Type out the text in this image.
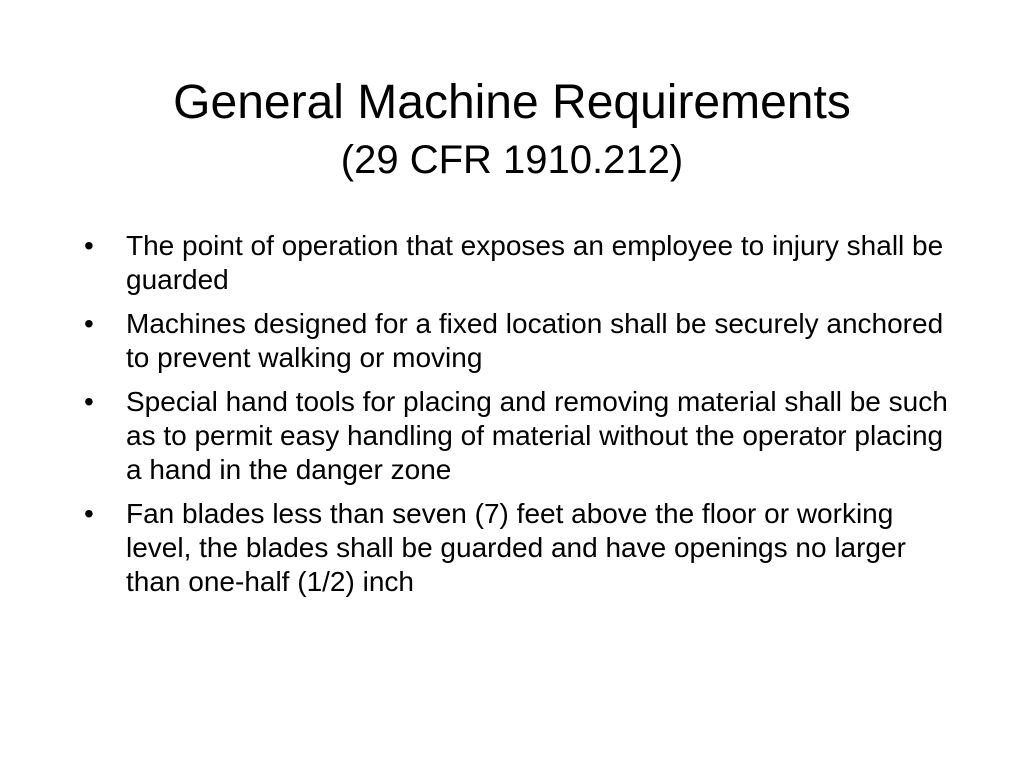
General Machine Requirements
(29 CFR 1910.212)
•	The point of operation that exposes an employee to injury shall be guarded
•	Machines designed for a fixed location shall be securely anchored to prevent walking or moving
•	Special hand tools for placing and removing material shall be such as to permit easy handling of material without the operator placing a hand in the danger zone
•	Fan blades less than seven (7) feet above the floor or working level, the blades shall be guarded and have openings no larger than one-half (1/2) inch
